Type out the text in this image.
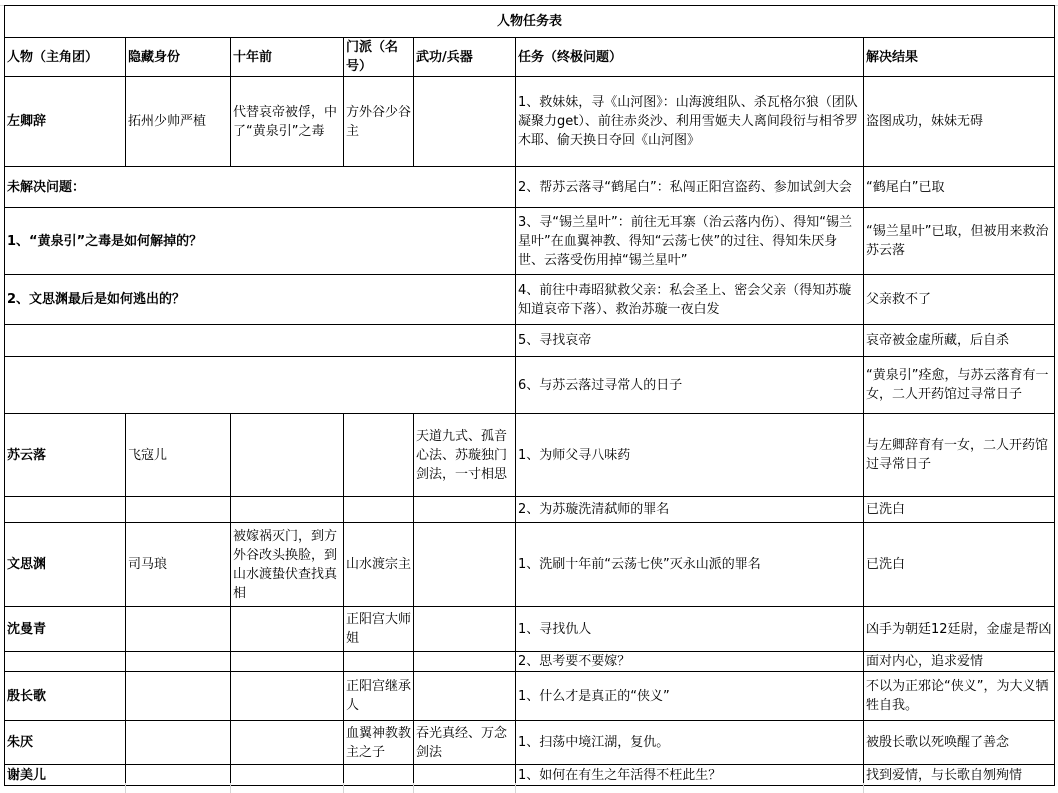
人物任务表						
人物（主角团）	隐藏身份	十年前	门派（名号）	武功/兵器	任务（终极问题）	解决结果
左卿辞	拓州少帅严植	代替哀帝被俘，中了“黄泉引”之毒	方外谷少谷主		1、救妹妹，寻《山河图》：山海渡组队、杀瓦格尔狼（团队凝聚力get）、前往赤炎沙、利用雪姬夫人离间段衍与相爷罗木耶、偷天换日夺回《山河图》	盗图成功，妹妹无碍
未解决问题：					2、帮苏云落寻“鹤尾白”：私闯正阳宫盗药、参加试剑大会	“鹤尾白”已取
1、“黄泉引”之毒是如何解掉的？					3、寻“锡兰星叶”：前往无耳寨（治云落内伤）、得知“锡兰星叶”在血翼神教、得知“云荡七侠”的过往、得知朱厌身世、云落受伤用掉“锡兰星叶”	“锡兰星叶”已取，但被用来救治苏云落
2、文思渊最后是如何逃出的？					4、前往中毒昭狱救父亲：私会圣上、密会父亲（得知苏璇知道哀帝下落）、救治苏璇一夜白发	父亲救不了
					5、寻找哀帝	哀帝被金虚所藏，后自杀
					6、与苏云落过寻常人的日子	“黄泉引”痊愈，与苏云落育有一女，二人开药馆过寻常日子
苏云落	飞寇儿			天道九式、孤音心法、苏璇独门剑法，一寸相思	1、为师父寻八味药	与左卿辞育有一女，二人开药馆过寻常日子
					2、为苏璇洗清弑师的罪名	已洗白
文思渊	司马琅	被嫁祸灭门，到方外谷改头换脸，到山水渡蛰伏查找真相	山水渡宗主		1、洗刷十年前“云荡七侠”灭永山派的罪名	已洗白
沈曼青			正阳宫大师姐		1、寻找仇人	凶手为朝廷12廷尉，金虚是帮凶
					2、思考要不要嫁？	面对内心，追求爱情
殷长歌			正阳宫继承人		1、什么才是真正的“侠义”	不以为正邪论“侠义”，为大义牺牲自我。
朱厌			血翼神教教主之子	吞光真经、万念剑法	1、扫荡中境江湖，复仇。	被殷长歌以死唤醒了善念
谢美儿					1、如何在有生之年活得不枉此生？	找到爱情，与长歌自刎殉情
